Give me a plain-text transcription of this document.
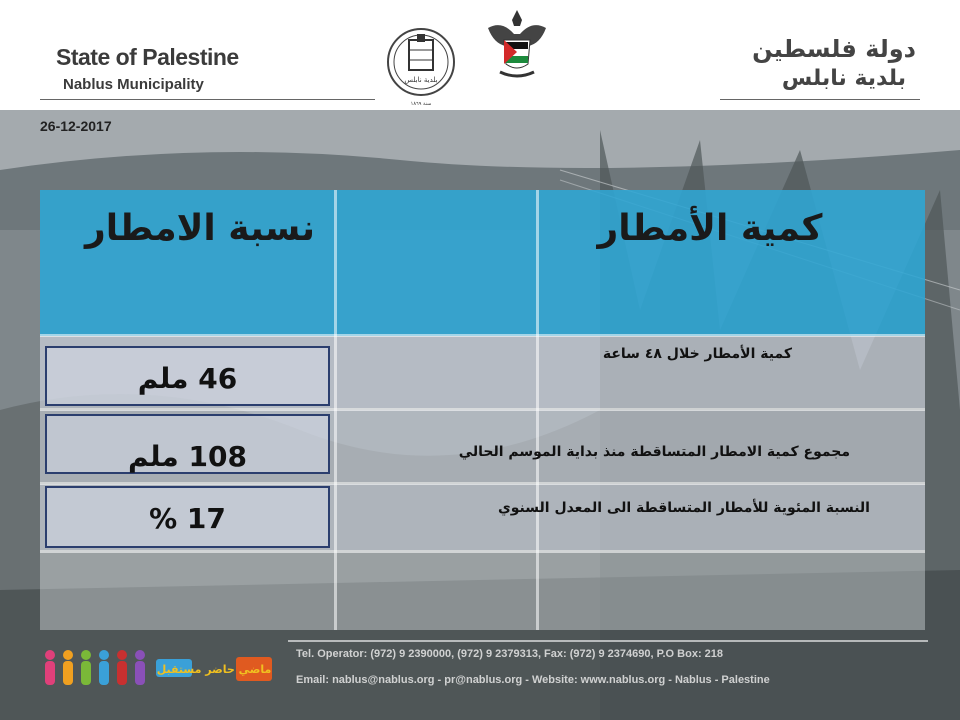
State of Palestine
Nablus Municipality
دولة فلسطين
بلدية نابلس
بلدية نابلس
سنة ١٨٦٩
26-12-2017
نسبة الامطار	كمية الأمطار
46 ملم
108 ملم
17 %
كمية الأمطار خلال ٤٨ ساعة
مجموع كمية الامطار المتساقطة منذ بداية الموسم الحالي
النسبة المئوية للأمطار المتساقطة الى المعدل السنوي
Tel. Operator: (972) 9 2390000, (972) 9 2379313, Fax: (972) 9 2374690, P.O Box: 218
Email: nablus@nablus.org - pr@nablus.org - Website: www.nablus.org - Nablus - Palestine
ماضي حاضر مستقبل
